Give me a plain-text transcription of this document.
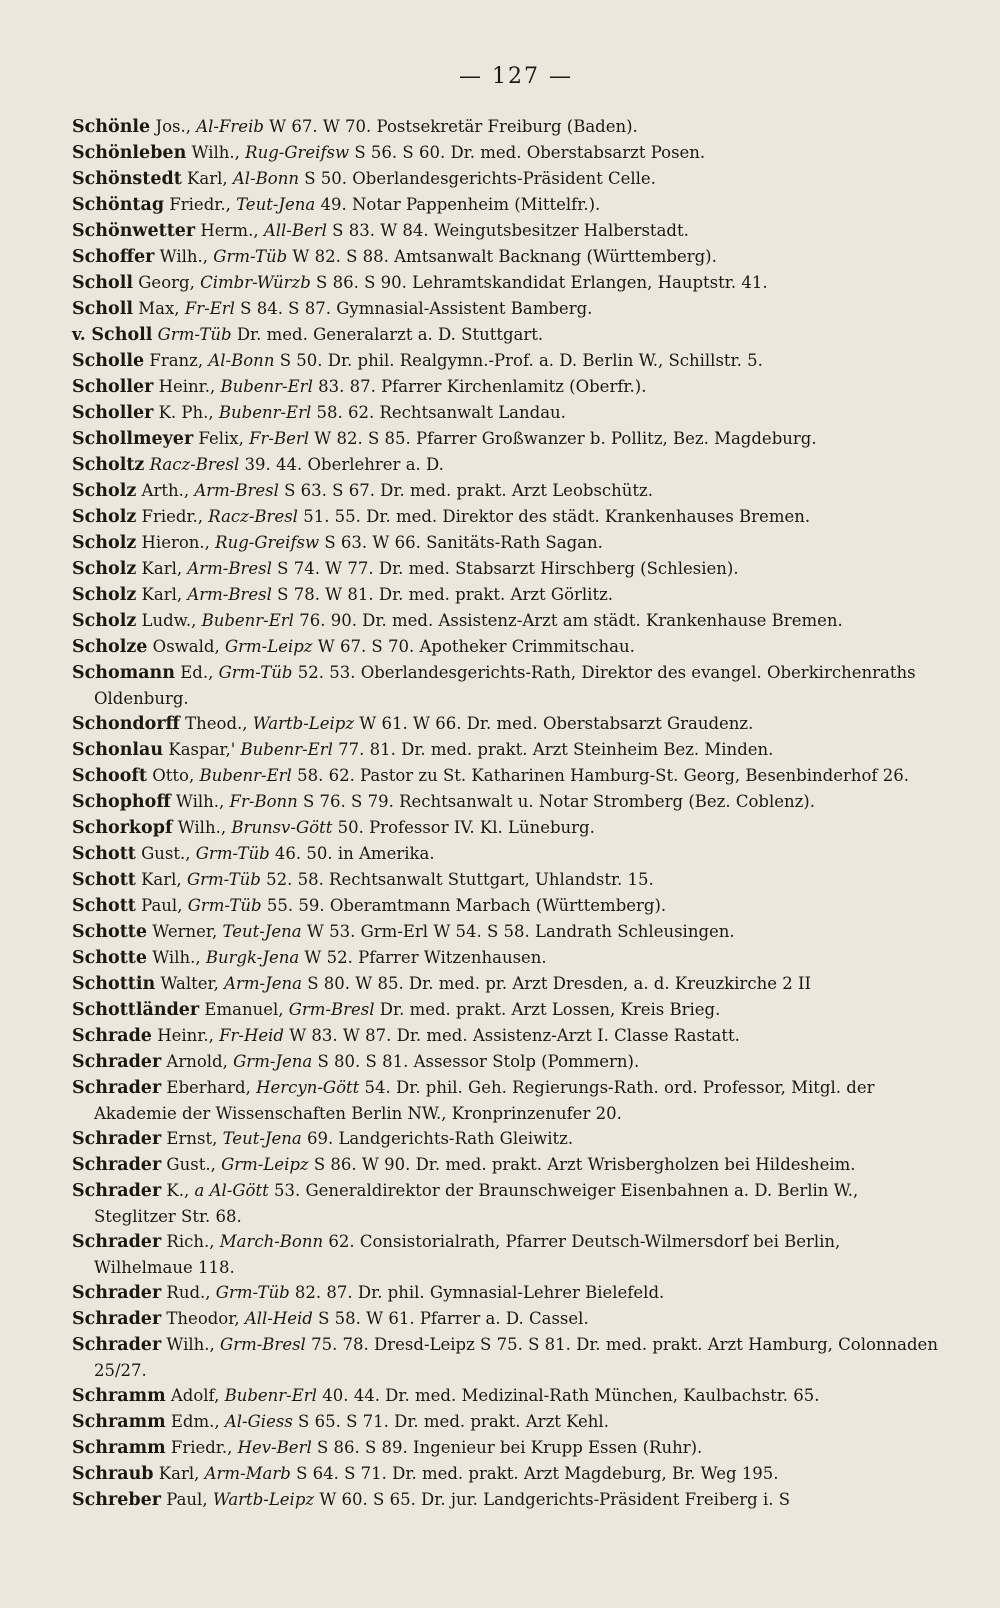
— 127 —

Schönle Jos., Al-Freib W 67. W 70. Postsekretär Freiburg (Baden).

Schönleben Wilh., Rug-Greifsw S 56. S 60. Dr. med. Oberstabsarzt Posen.

Schönstedt Karl, Al-Bonn S 50. Oberlandesgerichts-Präsident Celle.

Schöntag Friedr., Teut-Jena 49. Notar Pappenheim (Mittelfr.).

Schönwetter Herm., All-Berl S 83. W 84. Weingutsbesitzer Halberstadt.

Schoffer Wilh., Grm-Tüb W 82. S 88. Amtsanwalt Backnang (Württemberg).

Scholl Georg, Cimbr-Würzb S 86. S 90. Lehramtskandidat Erlangen, Hauptstr. 41.

Scholl Max, Fr-Erl S 84. S 87. Gymnasial-Assistent Bamberg.

v. Scholl Grm-Tüb Dr. med. Generalarzt a. D. Stuttgart.

Scholle Franz, Al-Bonn S 50. Dr. phil. Realgymn.-Prof. a. D. Berlin W., Schillstr. 5.

Scholler Heinr., Bubenr-Erl 83. 87. Pfarrer Kirchenlamitz (Oberfr.).

Scholler K. Ph., Bubenr-Erl 58. 62. Rechtsanwalt Landau.

Schollmeyer Felix, Fr-Berl W 82. S 85. Pfarrer Großwanzer b. Pollitz, Bez. Magdeburg.

Scholtz Racz-Bresl 39. 44. Oberlehrer a. D.

Scholz Arth., Arm-Bresl S 63. S 67. Dr. med. prakt. Arzt Leobschütz.

Scholz Friedr., Racz-Bresl 51. 55. Dr. med. Direktor des städt. Krankenhauses Bremen.

Scholz Hieron., Rug-Greifsw S 63. W 66. Sanitäts-Rath Sagan.

Scholz Karl, Arm-Bresl S 74. W 77. Dr. med. Stabsarzt Hirschberg (Schlesien).

Scholz Karl, Arm-Bresl S 78. W 81. Dr. med. prakt. Arzt Görlitz.

Scholz Ludw., Bubenr-Erl 76. 90. Dr. med. Assistenz-Arzt am städt. Krankenhause Bremen.

Scholze Oswald, Grm-Leipz W 67. S 70. Apotheker Crimmitschau.

Schomann Ed., Grm-Tüb 52. 53. Oberlandesgerichts-Rath, Direktor des evangel. Oberkirchenraths Oldenburg.

Schondorff Theod., Wartb-Leipz W 61. W 66. Dr. med. Oberstabsarzt Graudenz.

Schonlau Kaspar,' Bubenr-Erl 77. 81. Dr. med. prakt. Arzt Steinheim Bez. Minden.

Schooft Otto, Bubenr-Erl 58. 62. Pastor zu St. Katharinen Hamburg-St. Georg, Besenbinderhof 26.

Schophoff Wilh., Fr-Bonn S 76. S 79. Rechtsanwalt u. Notar Stromberg (Bez. Coblenz).

Schorkopf Wilh., Brunsv-Gött 50. Professor IV. Kl. Lüneburg.

Schott Gust., Grm-Tüb 46. 50. in Amerika.

Schott Karl, Grm-Tüb 52. 58. Rechtsanwalt Stuttgart, Uhlandstr. 15.

Schott Paul, Grm-Tüb 55. 59. Oberamtmann Marbach (Württemberg).

Schotte Werner, Teut-Jena W 53. Grm-Erl W 54. S 58. Landrath Schleusingen.

Schotte Wilh., Burgk-Jena W 52. Pfarrer Witzenhausen.

Schottin Walter, Arm-Jena S 80. W 85. Dr. med. pr. Arzt Dresden, a. d. Kreuzkirche 2 II

Schottländer Emanuel, Grm-Bresl Dr. med. prakt. Arzt Lossen, Kreis Brieg.

Schrade Heinr., Fr-Heid W 83. W 87. Dr. med. Assistenz-Arzt I. Classe Rastatt.

Schrader Arnold, Grm-Jena S 80. S 81. Assessor Stolp (Pommern).

Schrader Eberhard, Hercyn-Gött 54. Dr. phil. Geh. Regierungs-Rath. ord. Professor, Mitgl. der Akademie der Wissenschaften Berlin NW., Kronprinzenufer 20.

Schrader Ernst, Teut-Jena 69. Landgerichts-Rath Gleiwitz.

Schrader Gust., Grm-Leipz S 86. W 90. Dr. med. prakt. Arzt Wrisbergholzen bei Hildesheim.

Schrader K., a Al-Gött 53. Generaldirektor der Braunschweiger Eisenbahnen a. D. Berlin W., Steglitzer Str. 68.

Schrader Rich., March-Bonn 62. Consistorialrath, Pfarrer Deutsch-Wilmersdorf bei Berlin, Wilhelmaue 118.

Schrader Rud., Grm-Tüb 82. 87. Dr. phil. Gymnasial-Lehrer Bielefeld.

Schrader Theodor, All-Heid S 58. W 61. Pfarrer a. D. Cassel.

Schrader Wilh., Grm-Bresl 75. 78. Dresd-Leipz S 75. S 81. Dr. med. prakt. Arzt Hamburg, Colonnaden 25/27.

Schramm Adolf, Bubenr-Erl 40. 44. Dr. med. Medizinal-Rath München, Kaulbachstr. 65.

Schramm Edm., Al-Giess S 65. S 71. Dr. med. prakt. Arzt Kehl.

Schramm Friedr., Hev-Berl S 86. S 89. Ingenieur bei Krupp Essen (Ruhr).

Schraub Karl, Arm-Marb S 64. S 71. Dr. med. prakt. Arzt Magdeburg, Br. Weg 195.

Schreber Paul, Wartb-Leipz W 60. S 65. Dr. jur. Landgerichts-Präsident Freiberg i. S
